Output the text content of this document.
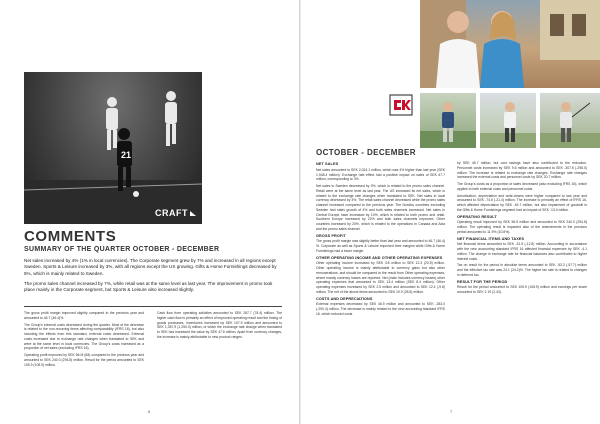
21
CRAFT
COMMENTS
SUMMARY OF THE QUARTER OCTOBER - DECEMBER

Net sales increased by 4% (1% in local currencies). The Corporate segment grew by 7% and increased in all regions except Sweden. Sports & Leisure increased by 3%, with all regions except the US growing. Gifts & Home Furnishings decreased by 5%, which is mainly related to Sweden.

The promo sales channel increased by 7%, while retail was at the same level as last year. The improvement in promo took place mainly in the Corporate segment, but Sports & Leisure also increased slightly.

The gross profit margin improved slightly compared to the previous year and amounted to 46.7 (46.4)%.

The Group's external costs decreased during the quarter. Most of the decrease is related to the non-recurring items affecting comparability (IFRS 16), but also including the effects from this standard, external costs decreased. External costs increased due to exchange rate changes when translated to SEK and were at the same level in local currencies. The Group's costs increased as a proportion of net sales (excluding IFRS 16).

Operating profit improved by SEK 56 M (68) compared to the previous year and amounted to SEK 240.0 (294.8) million. Result for the period amounted to SEK 105.9 (108.9) million.

Cash flow from operating activities amounted to SEK 287.7 (78.4) million. The higher cash flow is primarily an effect of improved operating result and the timing of goods purchases. Inventories increased by SEK 107.9 million and amounted to SEK 1,357.9 (1,250.0) million, of which the exchange rate change when translated to SEK has increased the value by SEK 47.6 million. Apart from currency changes, the increase is mainly attributable to new product ranges.

6
OCTOBER - DECEMBER
NET SALES

Net sales amounted to SEK 2,024.1 million, which was 4% higher than last year (SEK 1,948.4 million). Exchange rate effect had a positive impact on sales of SEK 67.7 million, corresponding to 3%.

Net sales to Sweden decreased by 3%, which is related to the promo sales channel. Retail were at the same level as last year. The US increased its net sales, which is related to the exchange rate changes when translated to SEK. Net sales in local currency decreased by 3%. The retail sales channel decreased while the promo sales channel increased compared to the previous year. The Nordics countries excluding Sweden had sales growth of 4% and both sales channels increased. Net sales in Central Europe have increased by 10%, which is related to both promo and retail. Southern Europe increased by 22% and both sales channels improved. Other countries increased by 20%, which is related to the operations in Canada and Asia and the promo sales channel.

GROSS PROFIT

The gross profit margin was slightly better than last year and amounted to 46.7 (46.4) %. Corporate as well as Sports & Leisure improved their margins while Gifts & Home Furnishings had a lower margin.

OTHER OPERATING INCOME AND OTHER OPERATING EXPENSES

Other operating income increased by SEK 4.8 million to SEK 12.3 (20.5) million. Other operating income is mainly attributable to currency gains but also other remunerations, and should be compared to the result from Other operating expenses, where mainly currency losses are reported. Net (main includes currency losses) other operating expenses that amounted to SEK 13.4 million (SEK 8.4 million). Other operating expenses increased by SEK 2.5 million and amounted to SEK 12.4 (-9.8) million. The net of the above items amounted to SEK 19.9 (28.5) million.

COSTS AND DEPRECIATIONS

External expenses decreased by SEK 46.9 million and amounted to SEK -283.0 (-290.4) million. The decrease is mainly related to the new accounting standard IFRS 16, which reduced costs

by SEK 45.7 million, but cost savings have also contributed to the reduction. Personnel costs increased by SEK 9.6 million and amounted to SEK -307.5 (-298.0) million. The increase is related to exchange rate changes. Exchange rate changes increased the external costs and personnel costs by SEK 20.7 million.

The Group's costs as a proportion of sales decreased (also excluding IFRS 16), which applies to both external costs and personnel costs.

Amortization, depreciation and write-downs were higher compared to last year and amounted to SEK -74.6 (-21.4) million. The increase is primarily an effect of IFRS 16, which affected depreciation by SEK -49.7 million, but also impairment of goodwill in the Gifts & Home Furnishings segment had an impact of SEK -13.4 million.

OPERATING RESULT

Operating result improved by SEK 56.9 million and amounted to SEK 240.0 (294.8) million. The operating result is impacted also of the amendments in the previous period amounted to 11.9% (10.8%).

NET FINANCIAL ITEMS AND TAXES

Net financial items amounted to SEK -31.9 (-12.8) million. Accounting in accordance with the new accounting standard IFRS 16 affected financial expenses by SEK -4.1 million. The change in exchange rate for financial balances also contributed to higher interest costs.

Tax on result for the period in absolute terms amounted to SEK -53.3 (-57.7) million and the effective tax rate was 24.1 (24.2)%. The higher tax rate is related to changes in deferred tax.

RESULT FOR THE PERIOD

Result for the period amounted to SEK 105.9 (108.9) million and earnings per share amounted to SEK 2.19 (2.43).

7
